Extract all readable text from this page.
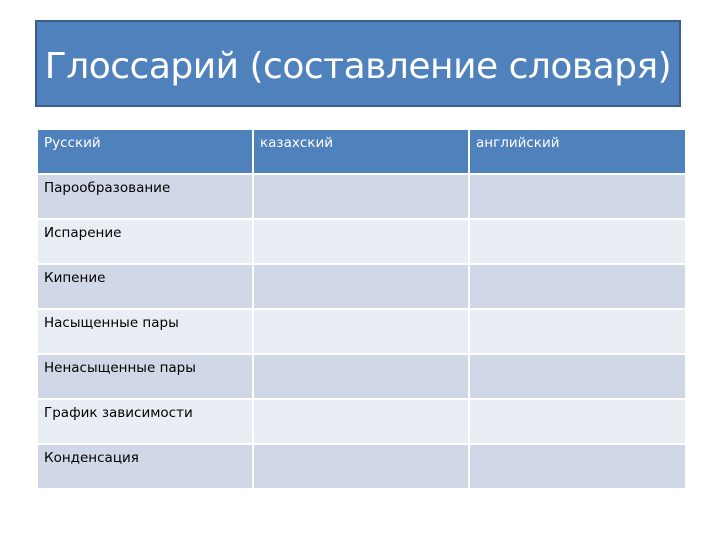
Глоссарий (составление словаря)
Русский	казахский	английский
Парообразование		
Испарение		
Кипение		
Насыщенные пары		
Ненасыщенные пары		
График зависимости		
Конденсация		
